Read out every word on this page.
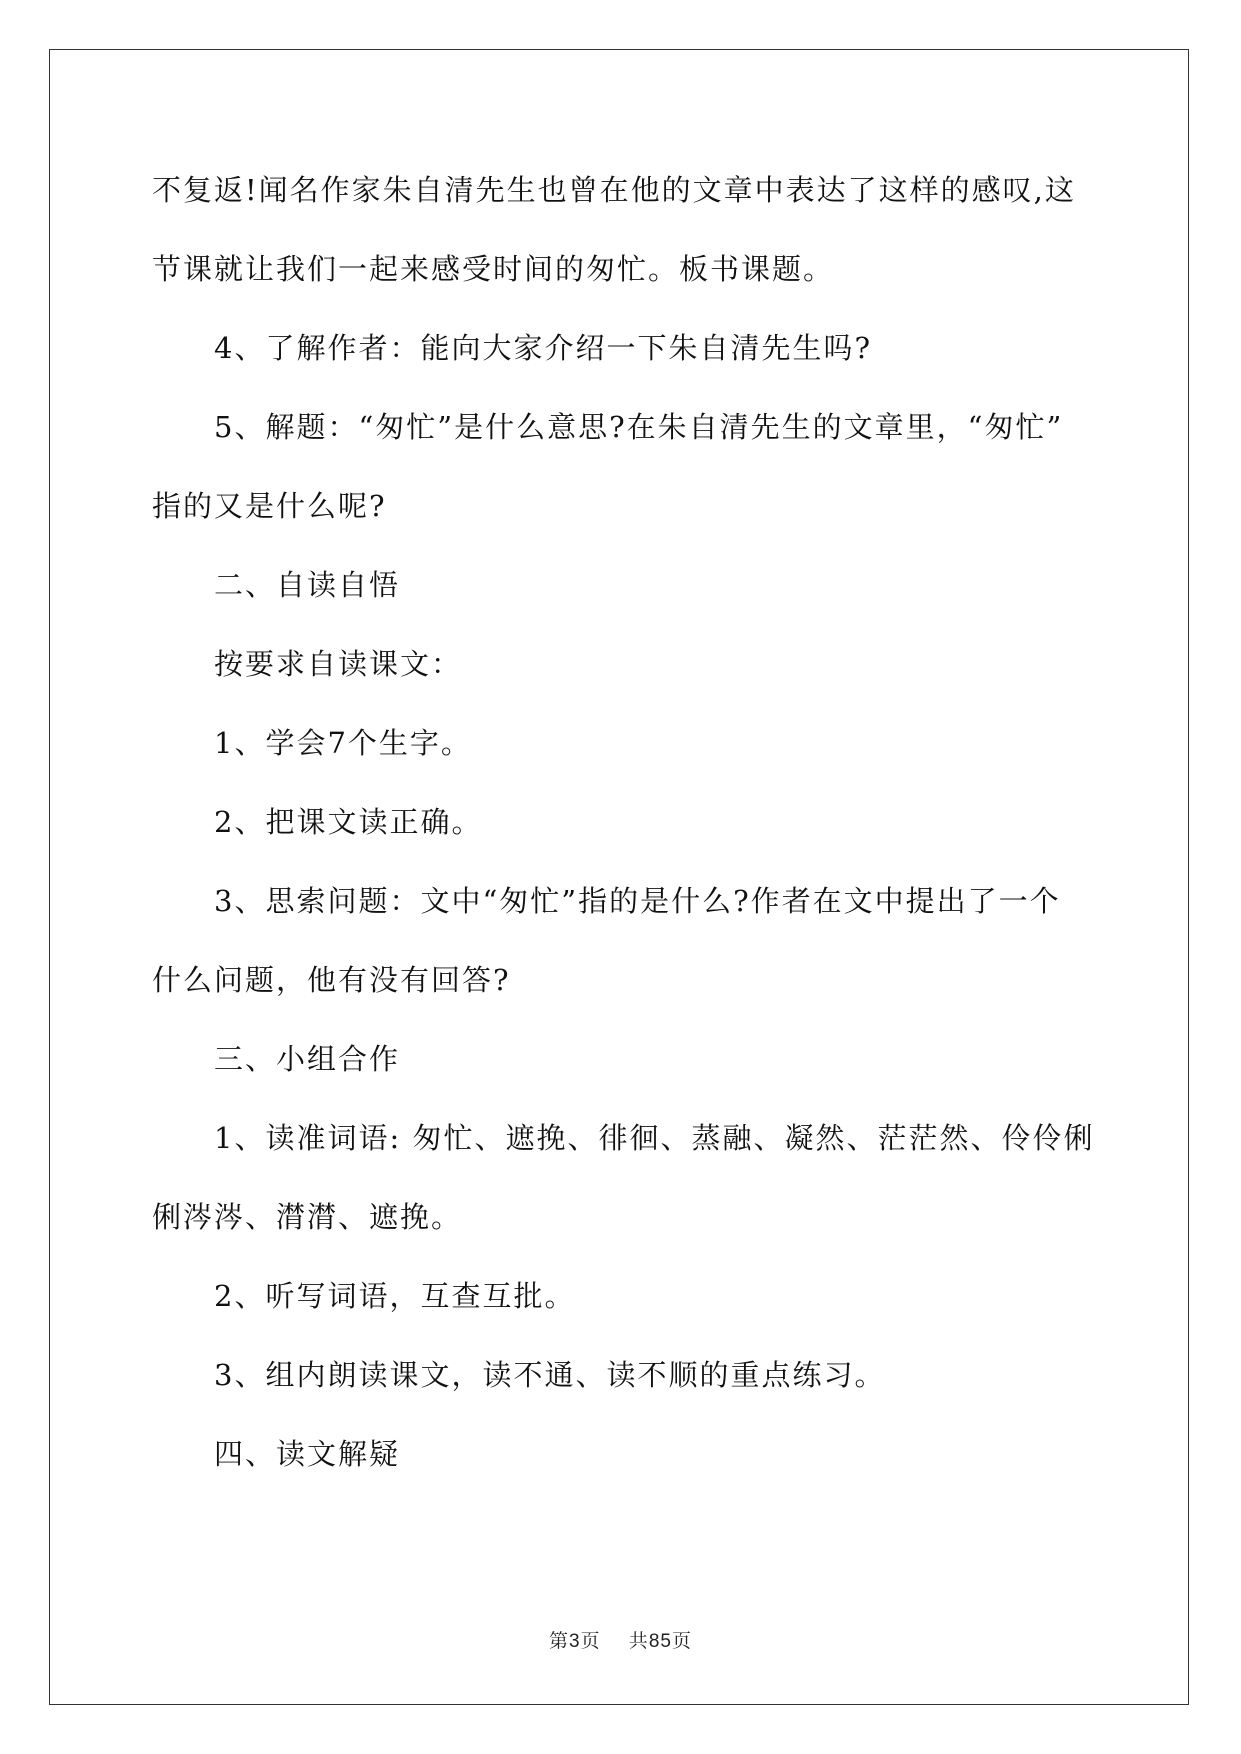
不复返!闻名作家朱自清先生也曾在他的文章中表达了这样的感叹,这
节课就让我们一起来感受时间的匆忙。板书课题。
4、了解作者：能向大家介绍一下朱自清先生吗?
5、解题：“匆忙”是什么意思?在朱自清先生的文章里，“匆忙”
指的又是什么呢?
二、自读自悟
按要求自读课文：
1、学会7个生字。
2、把课文读正确。
3、思索问题：文中“匆忙”指的是什么?作者在文中提出了一个
什么问题，他有没有回答?
三、小组合作
1、读准词语: 匆忙、遮挽、徘徊、蒸融、凝然、茫茫然、伶伶俐
俐涔涔、潸潸、遮挽。
2、听写词语，互查互批。
3、组内朗读课文，读不通、读不顺的重点练习。
四、读文解疑
第3页 共85页
